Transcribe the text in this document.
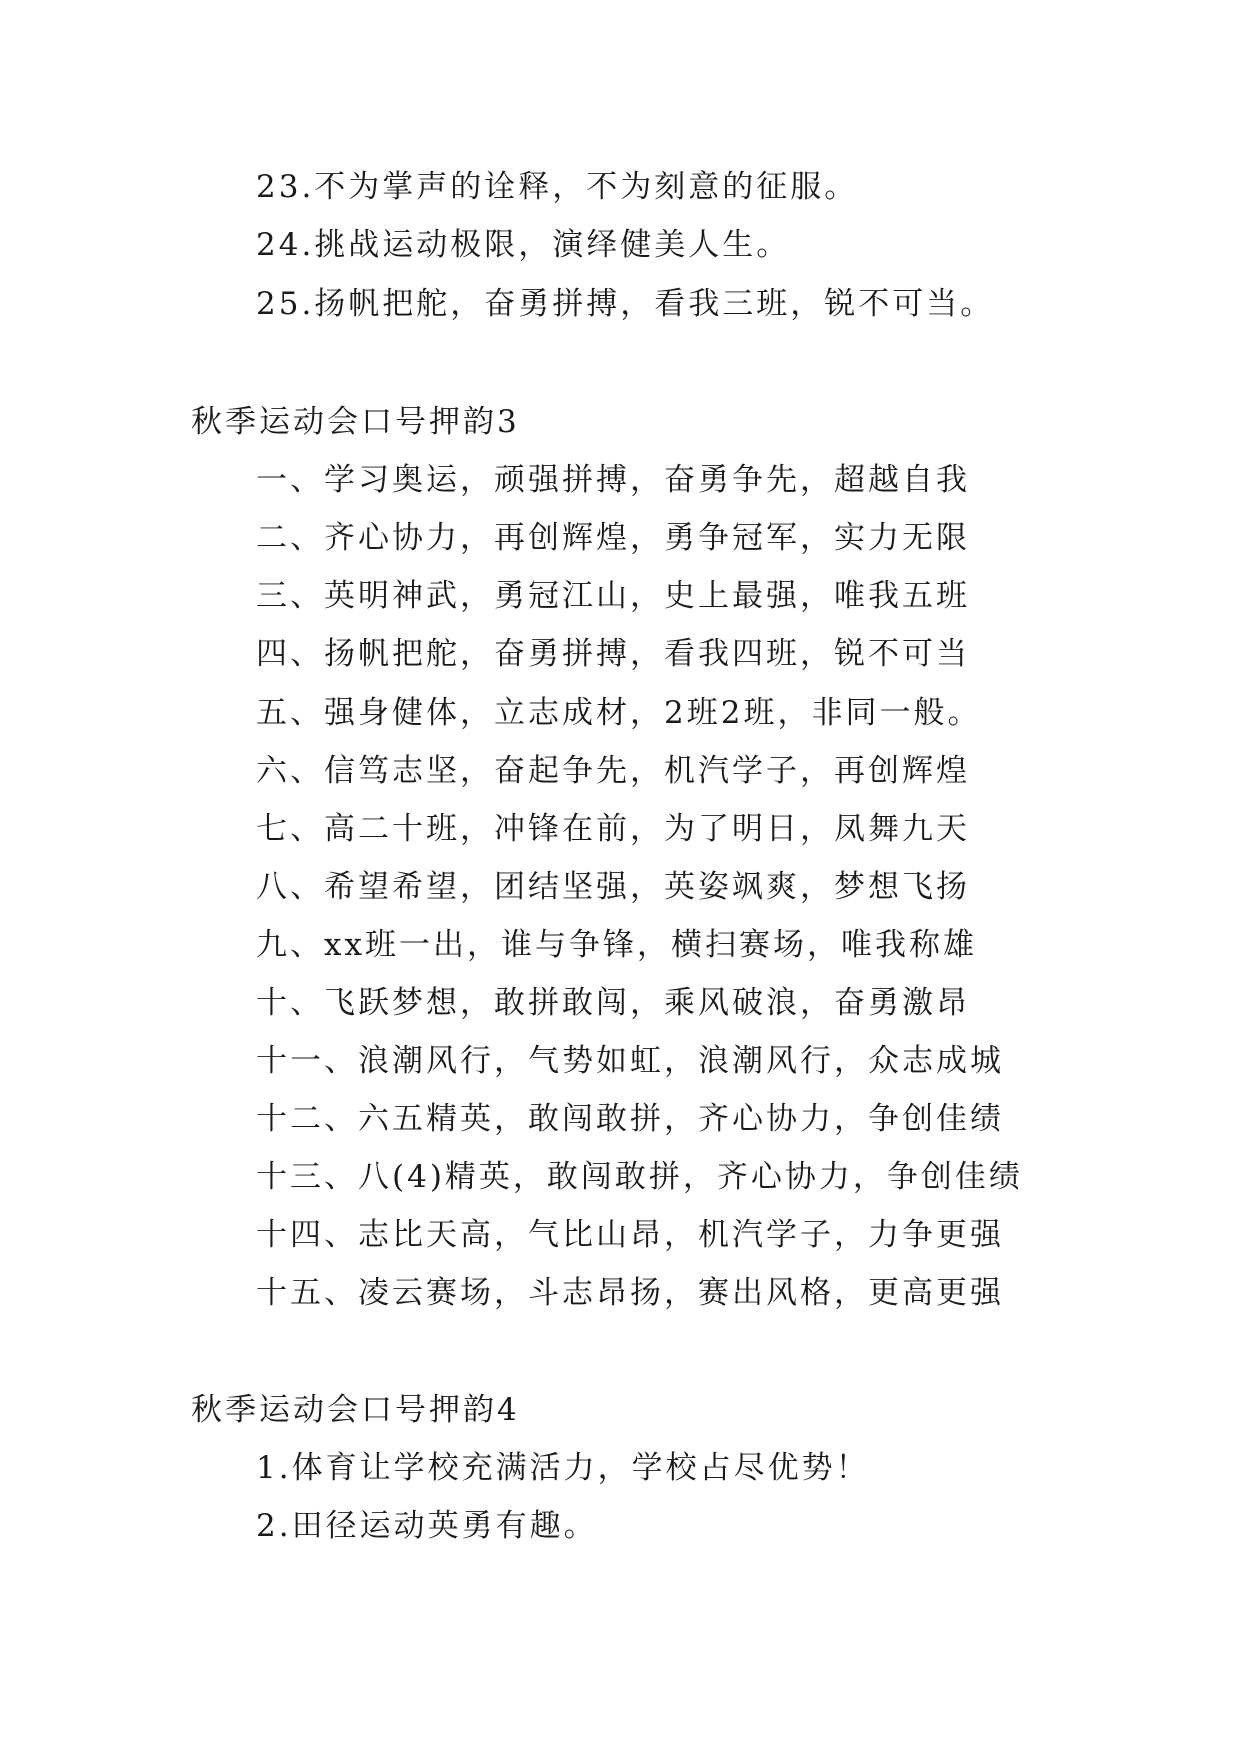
23.不为掌声的诠释，不为刻意的征服。
24.挑战运动极限，演绎健美人生。
25.扬帆把舵，奋勇拼搏，看我三班，锐不可当。
秋季运动会口号押韵3
一、学习奥运，顽强拼搏，奋勇争先，超越自我
二、齐心协力，再创辉煌，勇争冠军，实力无限
三、英明神武，勇冠江山，史上最强，唯我五班
四、扬帆把舵，奋勇拼搏，看我四班，锐不可当
五、强身健体，立志成材，2班2班，非同一般。
六、信笃志坚，奋起争先，机汽学子，再创辉煌
七、高二十班，冲锋在前，为了明日，凤舞九天
八、希望希望，团结坚强，英姿飒爽，梦想飞扬
九、xx班一出，谁与争锋，横扫赛场，唯我称雄
十、飞跃梦想，敢拼敢闯，乘风破浪，奋勇激昂
十一、浪潮风行，气势如虹，浪潮风行，众志成城
十二、六五精英，敢闯敢拼，齐心协力，争创佳绩
十三、八(4)精英，敢闯敢拼，齐心协力，争创佳绩
十四、志比天高，气比山昂，机汽学子，力争更强
十五、凌云赛场，斗志昂扬，赛出风格，更高更强
秋季运动会口号押韵4
1.体育让学校充满活力，学校占尽优势！
2.田径运动英勇有趣。
